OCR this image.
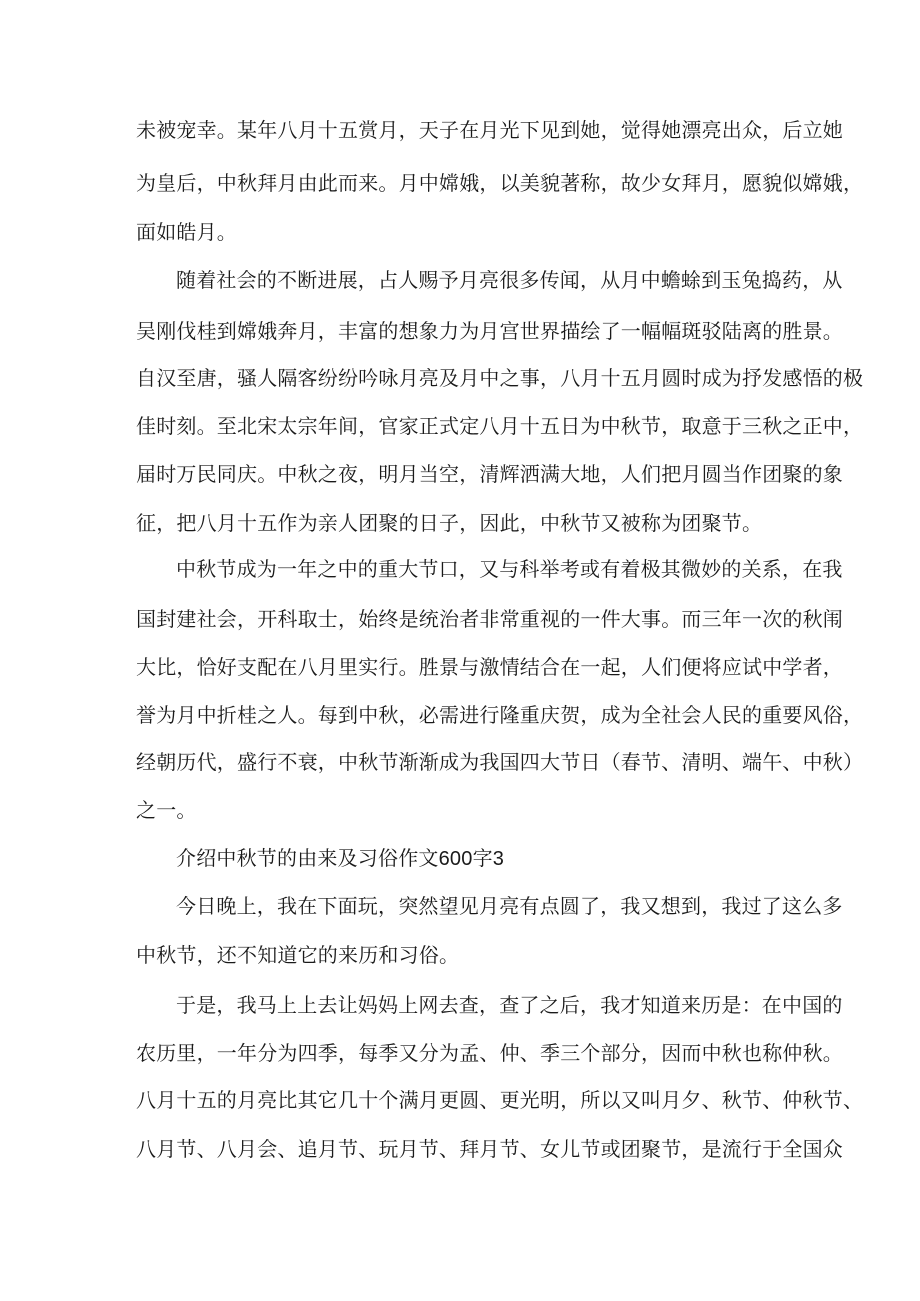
未被宠幸。某年八月十五赏月，天子在月光下见到她，觉得她漂亮出众，后立她
为皇后，中秋拜月由此而来。月中嫦娥，以美貌著称，故少女拜月，愿貌似嫦娥，
面如皓月。
随着社会的不断进展，占人赐予月亮很多传闻，从月中蟾蜍到玉兔捣药，从
吴刚伐桂到嫦娥奔月，丰富的想象力为月宫世界描绘了一幅幅斑驳陆离的胜景。
自汉至唐，骚人隔客纷纷吟咏月亮及月中之事，八月十五月圆时成为抒发感悟的极
佳时刻。至北宋太宗年间，官家正式定八月十五日为中秋节，取意于三秋之正中，
届时万民同庆。中秋之夜，明月当空，清辉洒满大地，人们把月圆当作团聚的象
征，把八月十五作为亲人团聚的日子，因此，中秋节又被称为团聚节。
中秋节成为一年之中的重大节口，又与科举考或有着极其微妙的关系，在我
国封建社会，开科取士，始终是统治者非常重视的一件大事。而三年一次的秋闱
大比，恰好支配在八月里实行。胜景与激情结合在一起，人们便将应试中学者，
誉为月中折桂之人。每到中秋，必需进行隆重庆贺，成为全社会人民的重要风俗，
经朝历代，盛行不衰，中秋节渐渐成为我国四大节日（春节、清明、端午、中秋）
之一。
介绍中秋节的由来及习俗作文600字3
今日晚上，我在下面玩，突然望见月亮有点圆了，我又想到，我过了这么多
中秋节，还不知道它的来历和习俗。
于是，我马上上去让妈妈上网去查，查了之后，我才知道来历是：在中国的
农历里，一年分为四季，每季又分为孟、仲、季三个部分，因而中秋也称仲秋。
八月十五的月亮比其它几十个满月更圆、更光明，所以又叫月夕、秋节、仲秋节、
八月节、八月会、追月节、玩月节、拜月节、女儿节或团聚节，是流行于全国众
